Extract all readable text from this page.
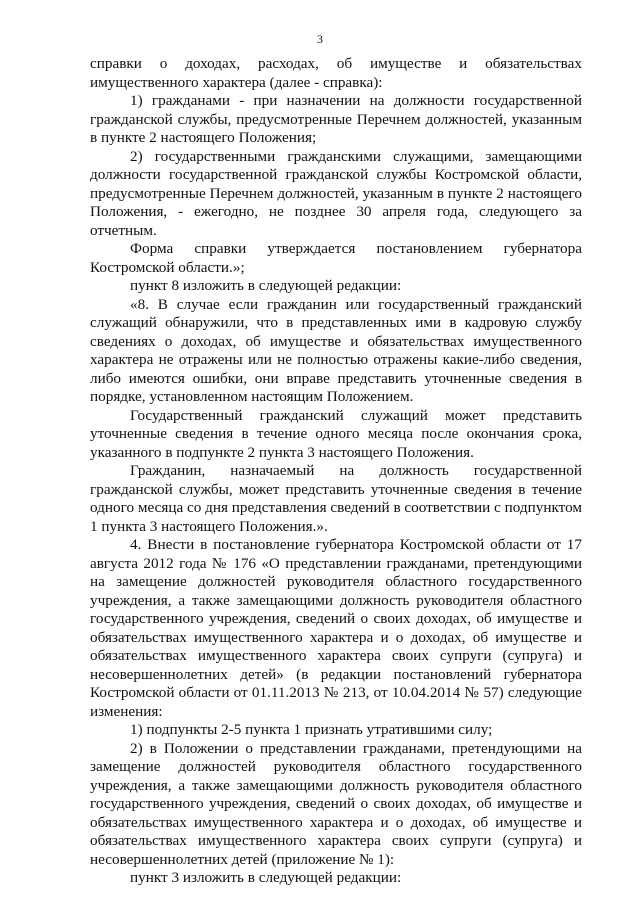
3

справки о доходах, расходах, об имуществе и обязательствах имущественного характера (далее - справка):

1) гражданами - при назначении на должности государственной гражданской службы, предусмотренные Перечнем должностей, указанным в пункте 2 настоящего Положения;

2) государственными гражданскими служащими, замещающими должности государственной гражданской службы Костромской области, предусмотренные Перечнем должностей, указанным в пункте 2 настоящего Положения, - ежегодно, не позднее 30 апреля года, следующего за отчетным.

Форма справки утверждается постановлением губернатора Костромской области.»;

пункт 8 изложить в следующей редакции:

«8. В случае если гражданин или государственный гражданский служащий обнаружили, что в представленных ими в кадровую службу сведениях о доходах, об имуществе и обязательствах имущественного характера не отражены или не полностью отражены какие-либо сведения, либо имеются ошибки, они вправе представить уточненные сведения в порядке, установленном настоящим Положением.

Государственный гражданский служащий может представить уточненные сведения в течение одного месяца после окончания срока, указанного в подпункте 2 пункта 3 настоящего Положения.

Гражданин, назначаемый на должность государственной гражданской службы, может представить уточненные сведения в течение одного месяца со дня представления сведений в соответствии с подпунктом 1 пункта 3 настоящего Положения.».

4. Внести в постановление губернатора Костромской области от 17 августа 2012 года № 176 «О представлении гражданами, претендующими на замещение должностей руководителя областного государственного учреждения, а также замещающими должность руководителя областного государственного учреждения, сведений о своих доходах, об имуществе и обязательствах имущественного характера и о доходах, об имуществе и обязательствах имущественного характера своих супруги (супруга) и несовершеннолетних детей» (в редакции постановлений губернатора Костромской области от 01.11.2013 № 213, от 10.04.2014 № 57) следующие изменения:

1) подпункты 2-5 пункта 1 признать утратившими силу;

2) в Положении о представлении гражданами, претендующими на замещение должностей руководителя областного государственного учреждения, а также замещающими должность руководителя областного государственного учреждения, сведений о своих доходах, об имуществе и обязательствах имущественного характера и о доходах, об имуществе и обязательствах имущественного характера своих супруги (супруга) и несовершеннолетних детей (приложение № 1):

пункт 3 изложить в следующей редакции:
